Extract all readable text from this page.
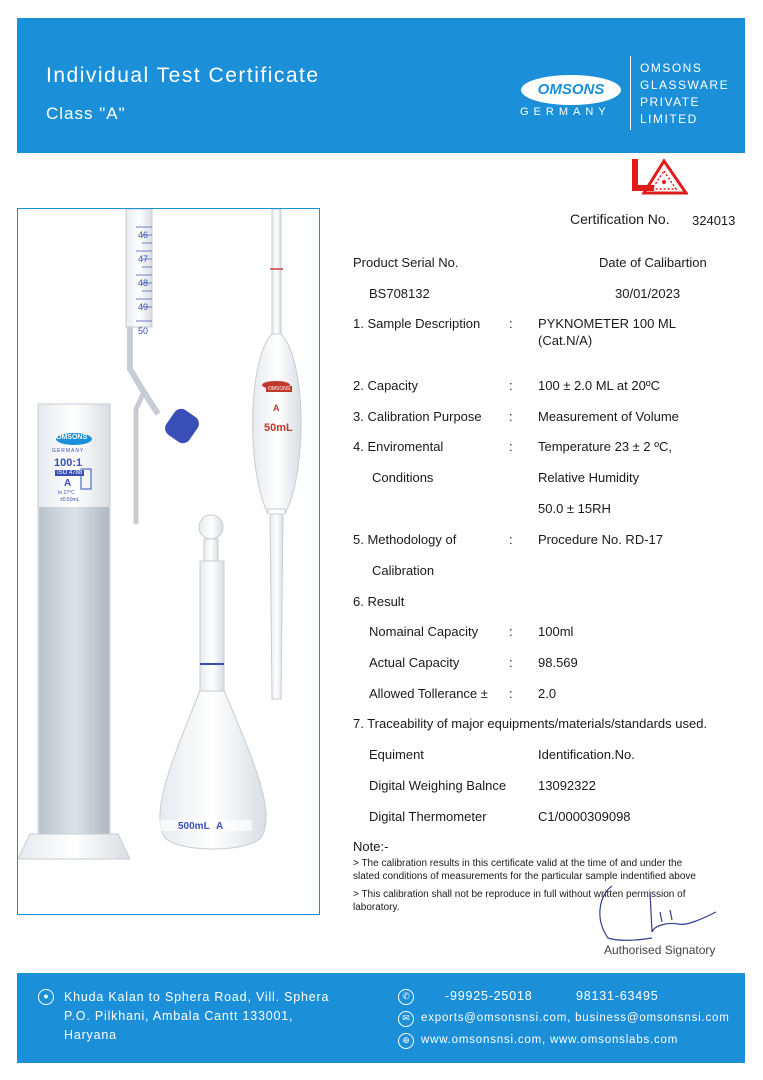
Individual Test Certificate
Class "A"
OMSONS
GERMANY
OMSONS
GLASSWARE
PRIVATE
LIMITED
46
47
48
49
50
OMSONS
GERMANY
100:1
ISO 4788
A
In 27°C
±0.50mL
OMSONS
A
50mL
500mL A
Certification No. 324013
Product Serial No.	Date of Calibartion
BS708132	30/01/2023
1. Sample Description : PYKNOMETER 100 ML
(Cat.N/A)
2. Capacity	: 100 ± 2.0 ML at 20ºC
3. Calibration Purpose : Measurement of Volume
4. Enviromental	: Temperature 23 ± 2 ºC,
Conditions	Relative Humidity
50.0 ± 15RH
5. Methodology of	: Procedure No. RD-17
Calibration
6. Result
Nomainal Capacity : 100ml
Actual Capacity	: 98.569
Allowed Tollerance ± : 2.0
7. Traceability of major equipments/materials/standards used.
Equiment	Identification.No.
Digital Weighing Balnce 13092322
Digital Thermometer	C1/0000309098
Note:-
> The calibration results in this certificate valid at the time of and under the
slated conditions of measurements for the particular sample indentified above
> This calibration shall not be reproduce in full without written permission of
laboratory.
Authorised Signatory
●	Khuda Kalan to Sphera Road, Vill. Sphera
P.O. Pilkhani, Ambala Cantt 133001,
Haryana
✆	-99925-25018	98131-63495
✉ exports@omsonsnsi.com, business@omsonsnsi.com
⊕ www.omsonsnsi.com, www.omsonslabs.com
